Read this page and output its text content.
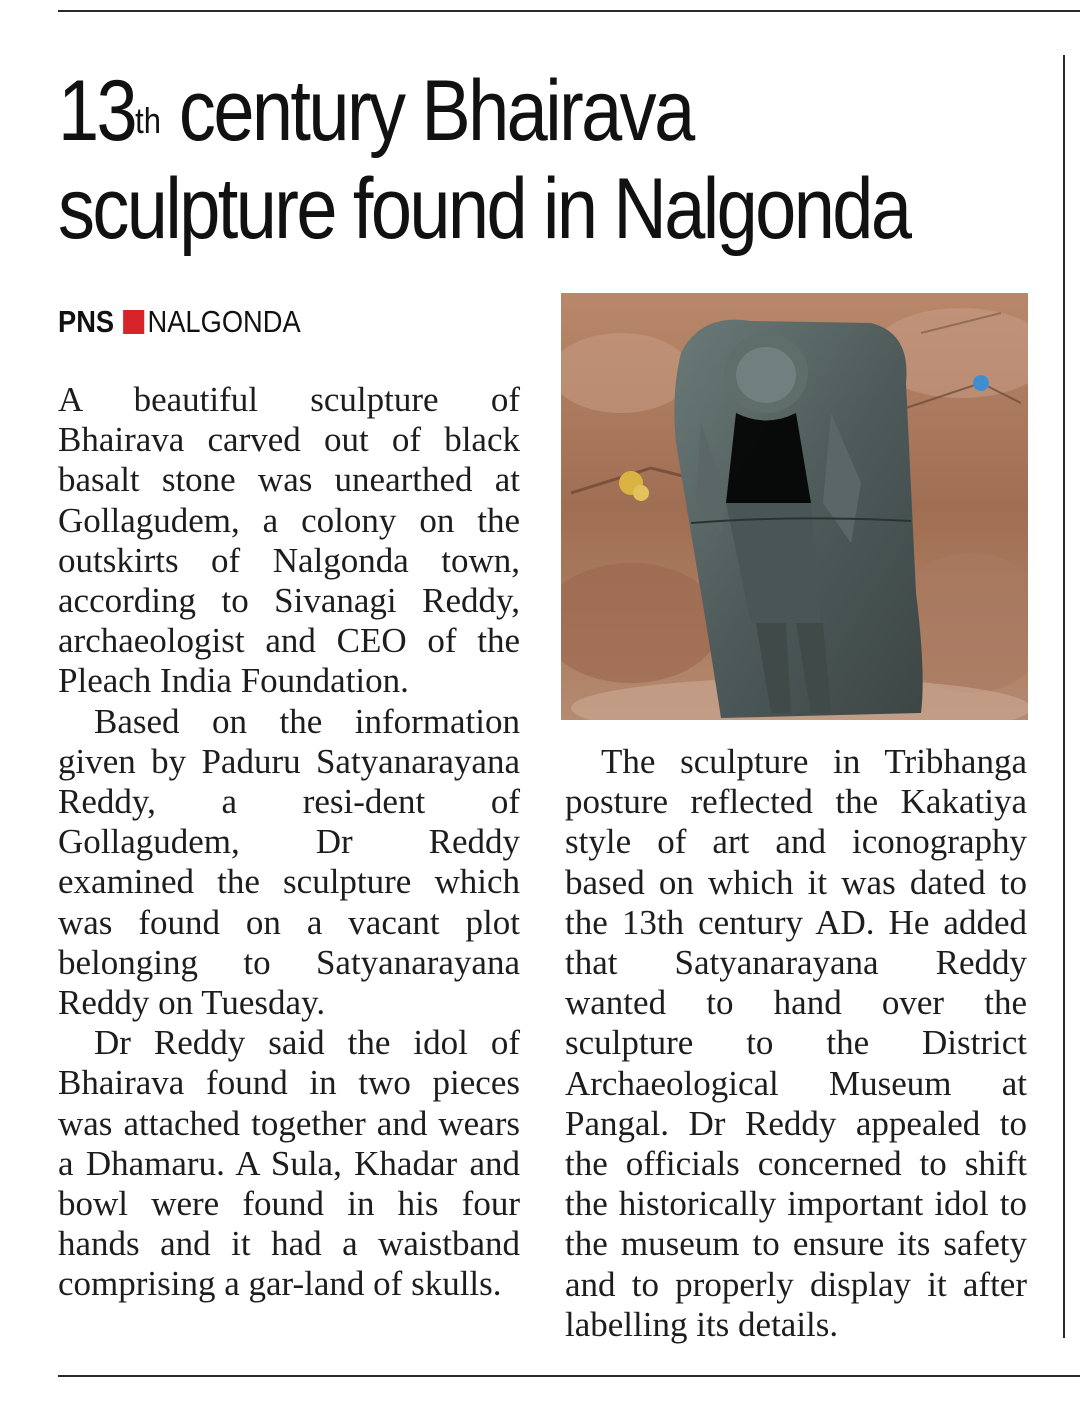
13th century Bhairava
sculpture found in Nalgonda
PNS NALGONDA

A beautiful sculpture of Bhairava carved out of black basalt stone was unearthed at Gollagudem, a colony on the outskirts of Nalgonda town, according to Sivanagi Reddy, archaeologist and CEO of the Pleach India Foundation.

Based on the information given by Paduru Satyanarayana Reddy, a resi-dent of Gollagudem, Dr Reddy examined the sculpture which was found on a vacant plot belonging to Satyanarayana Reddy on Tuesday.

Dr Reddy said the idol of Bhairava found in two pieces was attached together and wears a Dhamaru. A Sula, Khadar and bowl were found in his four hands and it had a waistband comprising a gar-land of skulls.

The sculpture in Tribhanga posture reflected the Kakatiya style of art and iconography based on which it was dated to the 13th century AD. He added that Satyanarayana Reddy wanted to hand over the sculpture to the District Archaeological Museum at Pangal. Dr Reddy appealed to the officials concerned to shift the historically important idol to the museum to ensure its safety and to properly display it after labelling its details.
